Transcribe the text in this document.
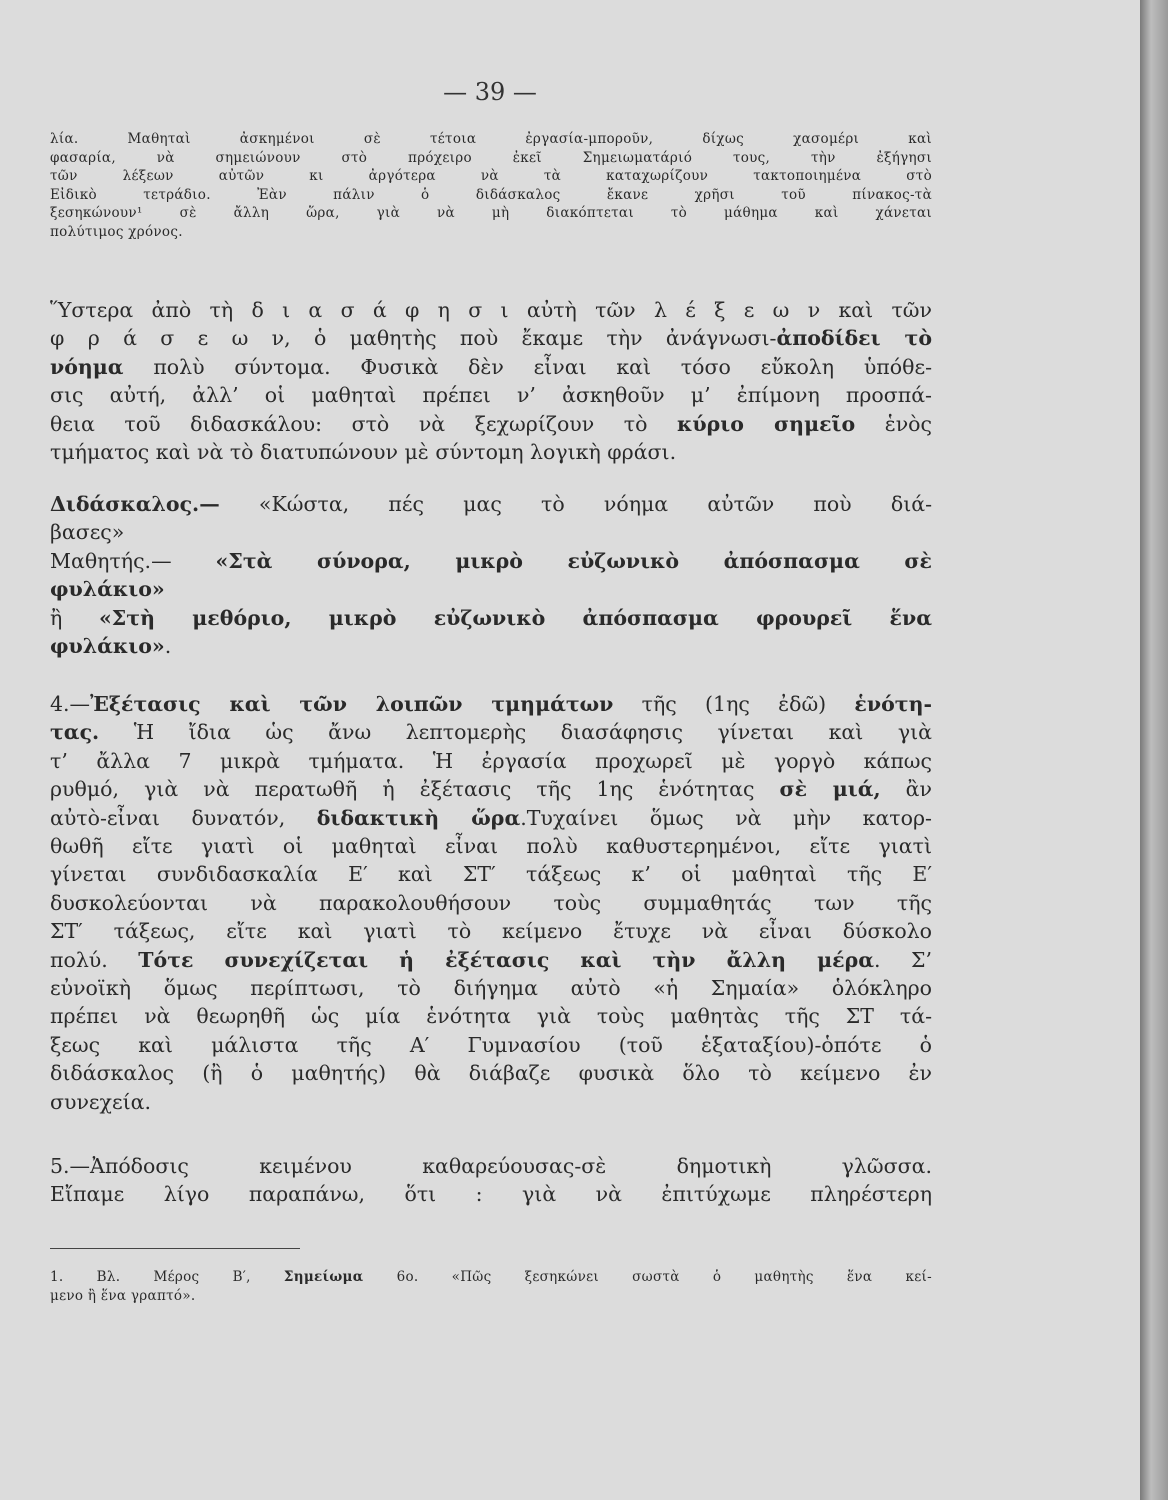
— 39 —
λία. Μαθηταὶ ἀσκημένοι σὲ τέτοια ἐργασία-μποροῦν, δίχως χασομέρι καὶ
φασαρία, νὰ σημειώνουν στὸ πρόχειρο ἐκεῖ Σημειωματάριό τους, τὴν ἐξήγησι
τῶν λέξεων αὐτῶν κι ἀργότερα νὰ τὰ καταχωρίζουν τακτοποιημένα στὸ
Εἰδικὸ τετράδιο. Ἐὰν πάλιν ὁ διδάσκαλος ἔκανε χρῆσι τοῦ πίνακος-τὰ
ξεσηκώνουν¹ σὲ ἄλλη ὥρα, γιὰ νὰ μὴ διακόπτεται τὸ μάθημα καὶ χάνεται
πολύτιμος χρόνος.
Ὕστερα ἀπὸ τὴ δ ι α σ ά φ η σ ι αὐτὴ τῶν λ έ ξ ε ω ν καὶ τῶν
φ ρ ά σ ε ω ν, ὁ μαθητὴς ποὺ ἔκαμε τὴν ἀνάγνωσι-ἀποδίδει τὸ
νόημα πολὺ σύντομα. Φυσικὰ δὲν εἶναι καὶ τόσο εὔκολη ὑπόθε-
σις αὐτή, ἀλλ’ οἱ μαθηταὶ πρέπει ν’ ἀσκηθοῦν μ’ ἐπίμονη προσπά-
θεια τοῦ διδασκάλου: στὸ νὰ ξεχωρίζουν τὸ κύριο σημεῖο ἑνὸς
τμήματος καὶ νὰ τὸ διατυπώνουν μὲ σύντομη λογικὴ φράσι.
Διδάσκαλος.— «Κώστα, πές μας τὸ νόημα αὐτῶν ποὺ διά-
βασες»
Μαθητής.— «Στὰ σύνορα, μικρὸ εὐζωνικὸ ἀπόσπασμα σὲ
φυλάκιο»
ἢ «Στὴ μεθόριο, μικρὸ εὐζωνικὸ ἀπόσπασμα φρουρεῖ ἕνα
φυλάκιο».
4.—Ἐξέτασις καὶ τῶν λοιπῶν τμημάτων τῆς (1ης ἐδῶ) ἑνότη-
τας. Ἡ ἴδια ὡς ἄνω λεπτομερὴς διασάφησις γίνεται καὶ γιὰ
τ’ ἄλλα 7 μικρὰ τμήματα. Ἡ ἐργασία προχωρεῖ μὲ γοργὸ κάπως
ρυθμό, γιὰ νὰ περατωθῆ ἡ ἐξέτασις τῆς 1ης ἑνότητας σὲ μιά, ἂν
αὐτὸ-εἶναι δυνατόν, διδακτικὴ ὥρα.Τυχαίνει ὅμως νὰ μὴν κατορ-
θωθῆ εἴτε γιατὶ οἱ μαθηταὶ εἶναι πολὺ καθυστερημένοι, εἴτε γιατὶ
γίνεται συνδιδασκαλία Ε′ καὶ ΣΤ′ τάξεως κ’ οἱ μαθηταὶ τῆς Ε′
δυσκολεύονται νὰ παρακολουθήσουν τοὺς συμμαθητάς των τῆς
ΣΤ′ τάξεως, εἴτε καὶ γιατὶ τὸ κείμενο ἔτυχε νὰ εἶναι δύσκολο
πολύ. Τότε συνεχίζεται ἡ ἐξέτασις καὶ τὴν ἄλλη μέρα. Σ’
εὐνοϊκὴ ὅμως περίπτωσι, τὸ διήγημα αὐτὸ «ἡ Σημαία» ὁλόκληρο
πρέπει νὰ θεωρηθῆ ὡς μία ἑνότητα γιὰ τοὺς μαθητὰς τῆς ΣΤ τά-
ξεως καὶ μάλιστα τῆς Α′ Γυμνασίου (τοῦ ἑξαταξίου)-ὁπότε ὁ
διδάσκαλος (ἢ ὁ μαθητής) θὰ διάβαζε φυσικὰ ὅλο τὸ κείμενο ἐν
συνεχεία.
5.—Ἀπόδοσις κειμένου καθαρεύουσας-σὲ δημοτικὴ γλῶσσα.
Εἴπαμε λίγο παραπάνω, ὅτι : γιὰ νὰ ἐπιτύχωμε πληρέστερη
1. Βλ. Μέρος Β′, Σημείωμα 6ο. «Πῶς ξεσηκώνει σωστὰ ὁ μαθητὴς ἕνα κεί-
μενο ἢ ἕνα γραπτό».
